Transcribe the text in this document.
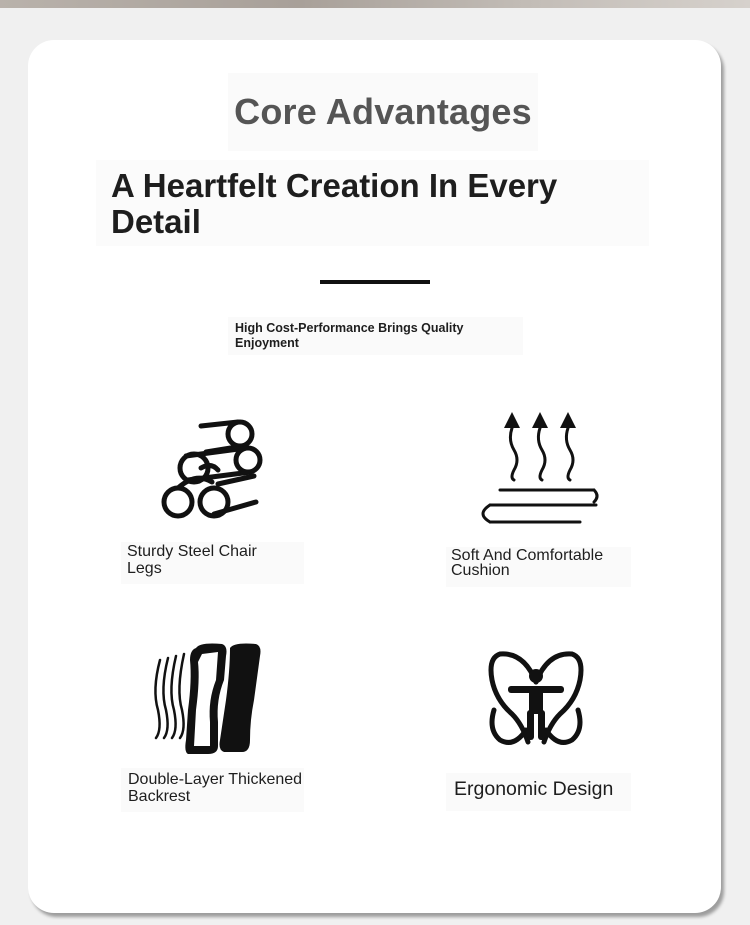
Core Advantages
A Heartfelt Creation In Every Detail
High Cost-Performance Brings Quality Enjoyment
Sturdy Steel Chair Legs
Soft And Comfortable Cushion
Double-Layer Thickened Backrest	Ergonomic Design
